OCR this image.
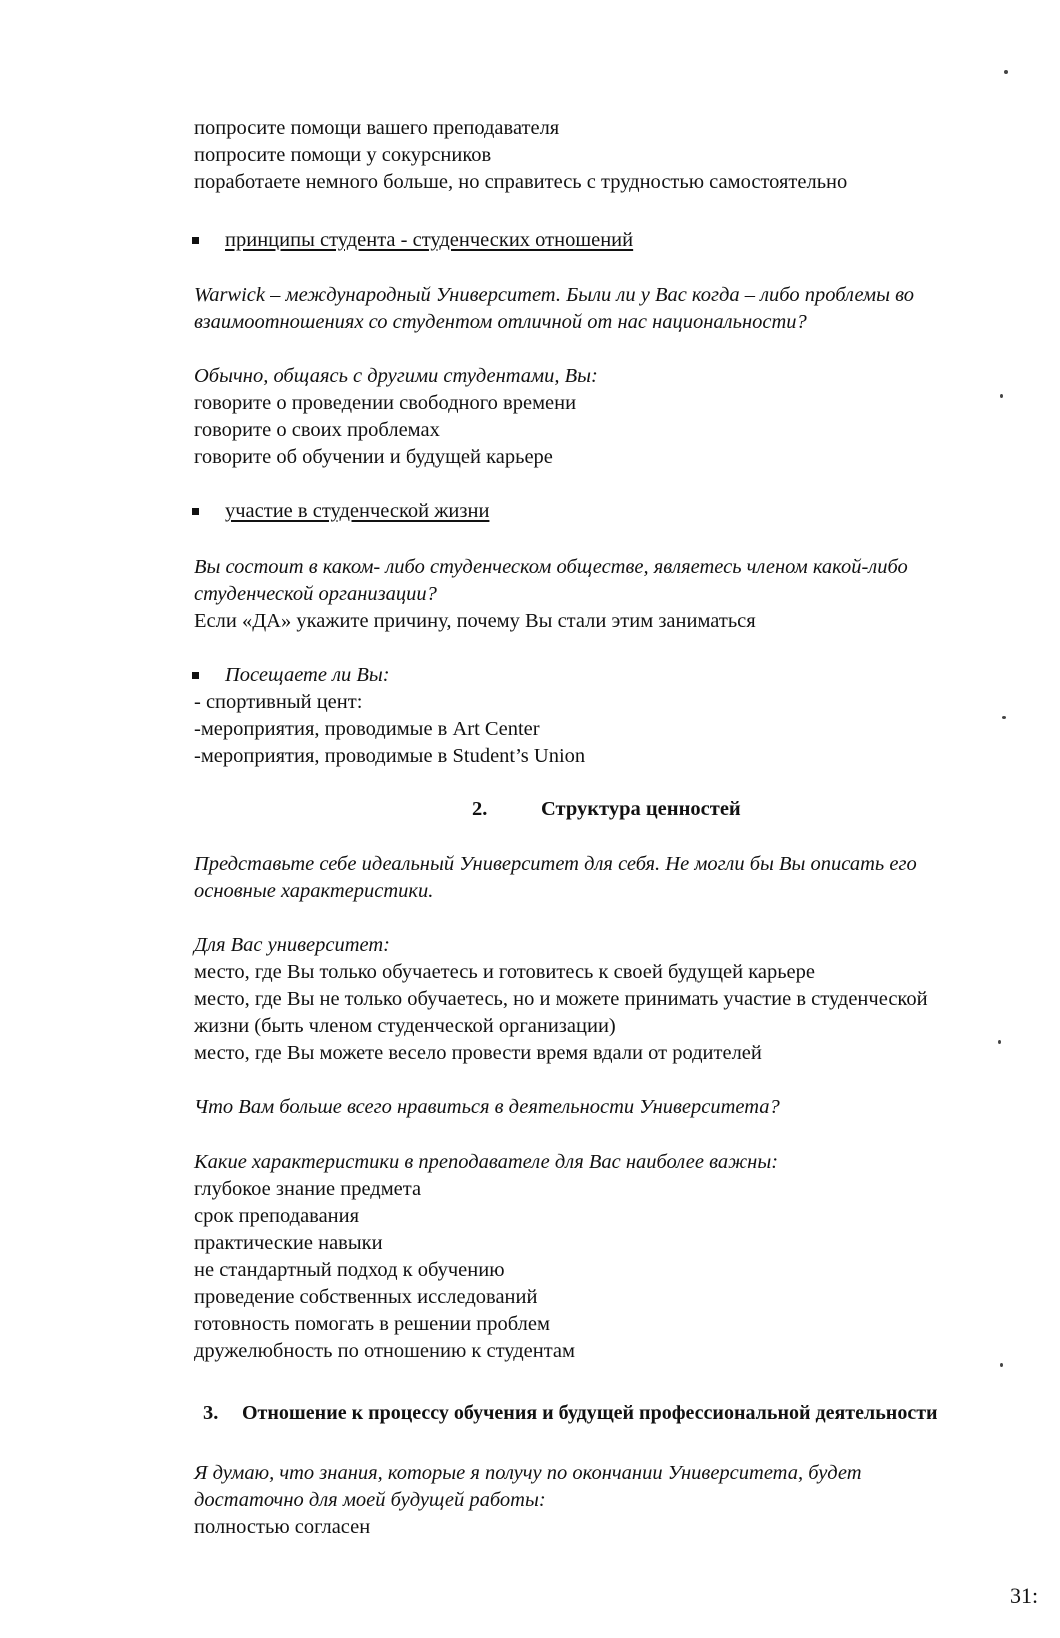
попросите помощи вашего преподавателя
попросите помощи у сокурсников
поработаете немного больше, но справитесь с трудностью самостоятельно
принципы студента - студенческих отношений
Warwick – международный Университет. Были ли у Вас когда – либо проблемы во
взаимоотношениях со студентом отличной от нас национальности?
Обычно, общаясь с другими студентами, Вы:
говорите о проведении свободного времени
говорите о своих проблемах
говорите об обучении и будущей карьере
участие в студенческой жизни
Вы состоит в каком- либо студенческом обществе, являетесь членом какой-либо
студенческой организации?
Если «ДА» укажите причину, почему Вы стали этим заниматься
Посещаете ли Вы:
- спортивный цент:
-мероприятия, проводимые в Art Center
-мероприятия, проводимые в Student’s Union
2.	Структура ценностей
Представьте себе идеальный Университет для себя. Не могли бы Вы описать его
основные характеристики.
Для Вас университет:
место, где Вы только обучаетесь и готовитесь к своей будущей карьере
место, где Вы не только обучаетесь, но и можете принимать участие в студенческой
жизни (быть членом студенческой организации)
место, где Вы можете весело провести время вдали от родителей
Что Вам больше всего нравиться в деятельности Университета?
Какие характеристики в преподавателе для Вас наиболее важны:
глубокое знание предмета
срок преподавания
практические навыки
не стандартный подход к обучению
проведение собственных исследований
готовность помогать в решении проблем
дружелюбность по отношению к студентам
3. Отношение к процессу обучения и будущей профессиональной деятельности
Я думаю, что знания, которые я получу по окончании Университета, будет
достаточно для моей будущей работы:
полностью согласен
31:
